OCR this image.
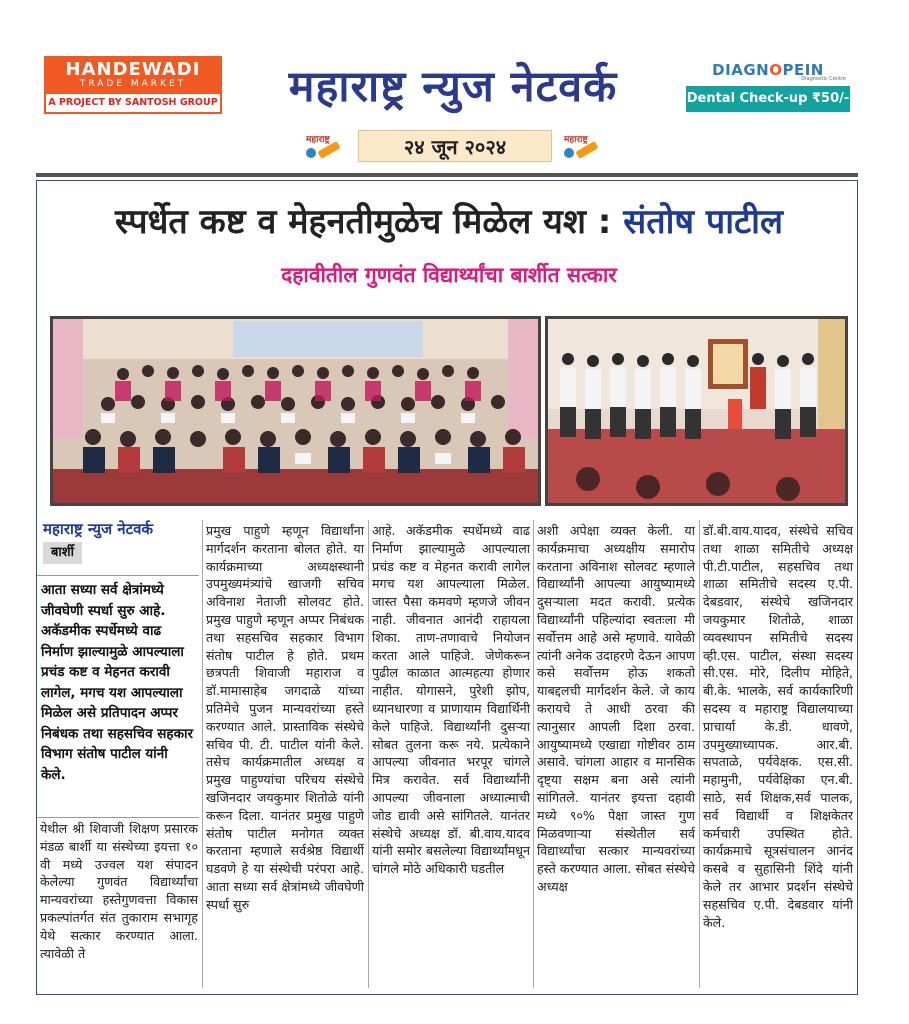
HANDEWADI
TRADE MARKET
A PROJECT BY SANTOSH GROUP	महाराष्ट्र न्युज नेटवर्क	DIAGNOPEIN
Diagnostic Centre
Dental Check-up ₹50/-
महाराष्ट्र	२४ जून २०२४	महाराष्ट्र
स्पर्धेत कष्ट व मेहनतीमुळेच मिळेल यश : संतोष पाटील
दहावीतील गुणवंत विद्यार्थ्यांचा बार्शीत सत्कार
महाराष्ट्र न्युज नेटवर्क
बार्शी
आता सध्या सर्व क्षेत्रांमध्ये जीवघेणी स्पर्धा सुरु आहे. अकॅडमीक स्पर्धेमध्ये वाढ निर्माण झाल्यामुळे आपल्याला प्रचंड कष्ट व मेहनत करावी लागेल, मगच यश आपल्याला मिळेल असे प्रतिपादन अप्पर निबंधक तथा सहसचिव सहकार विभाग संतोष पाटील यांनी केले.
येथील श्री शिवाजी शिक्षण प्रसारक मंडळ बार्शी या संस्थेच्या इयत्ता १० वी मध्ये उज्वल यश संपादन केलेल्या गुणवंत विद्यार्थ्यांचा मान्यवरांच्या हस्तेगुणवत्ता विकास प्रकल्पांतर्गत संत तुकाराम सभागृह येथे सत्कार करण्यात आला. त्यावेळी ते
प्रमुख पाहुणे म्हणून विद्यार्थांना मार्गदर्शन करताना बोलत होते. या कार्यक्रमाच्या अध्यक्षस्थानी उपमुख्यमंत्र्यांचे खाजगी सचिव अविनाश नेताजी सोलवट होते. प्रमुख पाहुणे म्हणून अप्पर निबंधक तथा सहसचिव सहकार विभाग संतोष पाटील हे होते. प्रथम छत्रपती शिवाजी महाराज व डॉ.मामासाहेब जगदाळे यांच्या प्रतिमेचे पुजन मान्यवरांच्या हस्ते करण्यात आले. प्रास्ताविक संस्थेचे सचिव पी. टी. पाटील यांनी केले. तसेच कार्यक्रमातील अध्यक्ष व प्रमुख पाहुण्यांचा परिचय संस्थेचे खजिनदार जयकुमार शितोळे यांनी करून दिला. यानंतर प्रमुख पाहुणे संतोष पाटील मनोगत व्यक्त करताना म्हणाले सर्वश्रेष्ठ विद्यार्थी घडवणे हे या संस्थेची परंपरा आहे. आता सध्या सर्व क्षेत्रांमध्ये जीवघेणी स्पर्धा सुरु
आहे. अकॅडमीक स्पर्धेमध्ये वाढ निर्माण झाल्यामुळे आपल्याला प्रचंड कष्ट व मेहनत करावी लागेल मगच यश आपल्याला मिळेल. जास्त पैसा कमवणे म्हणजे जीवन नाही. जीवनात आनंदी राहायला शिका. ताण-तणावाचे नियोजन करता आले पाहिजे. जेणेकरून पुढील काळात आत्महत्या होणार नाहीत. योगासने, पुरेशी झोप, ध्यानधारणा व प्राणायाम विद्यार्थिनी केले पाहिजे. विद्यार्थ्यांनी दुसऱ्या सोबत तुलना करू नये. प्रत्येकाने आपल्या जीवनात भरपूर चांगले मित्र करावेत. सर्व विद्यार्थ्यांनी आपल्या जीवनाला अध्यात्माची जोड द्यावी असे सांगितले. यानंतर संस्थेचे अध्यक्ष डॉ. बी.वाय.यादव यांनी समोर बसलेल्या विद्यार्थ्यांमधून चांगले मोठे अधिकारी घडतील
अशी अपेक्षा व्यक्त केली. या कार्यक्रमाचा अध्यक्षीय समारोप करताना अविनाश सोलवट म्हणाले विद्यार्थ्यांनी आपल्या आयुष्यामध्ये दुसऱ्याला मदत करावी. प्रत्येक विद्यार्थ्यांनी पहिल्यांदा स्वतःला मी सर्वोत्तम आहे असे म्हणावे. यावेळी त्यांनी अनेक उदाहरणे देऊन आपण कसे सर्वोत्तम होऊ शकतो याबद्दलची मार्गदर्शन केले. जे काय करायचे ते आधी ठरवा की त्यानुसार आपली दिशा ठरवा. आयुष्यामध्ये एखाद्या गोष्टीवर ठाम असावे. चांगला आहार व मानसिक दृष्ट्या सक्षम बना असे त्यांनी सांगितले. यानंतर इयत्ता दहावी मध्ये ९०% पेक्षा जास्त गुण मिळवणाऱ्या संस्थेतील सर्व विद्यार्थ्यांचा सत्कार मान्यवरांच्या हस्ते करण्यात आला. सोबत संस्थेचे अध्यक्ष
डॉ.बी.वाय.यादव, संस्थेचे सचिव तथा शाळा समितीचे अध्यक्ष पी.टी.पाटील, सहसचिव तथा शाळा समितीचे सदस्य ए.पी. देबडवार, संस्थेचे खजिनदार जयकुमार शितोळे, शाळा व्यवस्थापन समितीचे सदस्य व्ही.एस. पाटील, संस्था सदस्य सी.एस. मोरे, दिलीप मोहिते, बी.के. भालके, सर्व कार्यकारिणी सदस्य व महाराष्ट्र विद्यालयाच्या प्राचार्या के.डी. धावणे, उपमुख्याध्यापक. आर.बी. सपताळे, पर्यवेक्षक. एस.सी. महामुनी, पर्यवेक्षिका एन.बी. साठे, सर्व शिक्षक,सर्व पालक, सर्व विद्यार्थी व शिक्षकेतर कर्मचारी उपस्थित होते. कार्यक्रमाचे सूत्रसंचालन आनंद कसबे व सुहासिनी शिंदे यांनी केले तर आभार प्रदर्शन संस्थेचे सहसचिव ए.पी. देबडवार यांनी केले.
